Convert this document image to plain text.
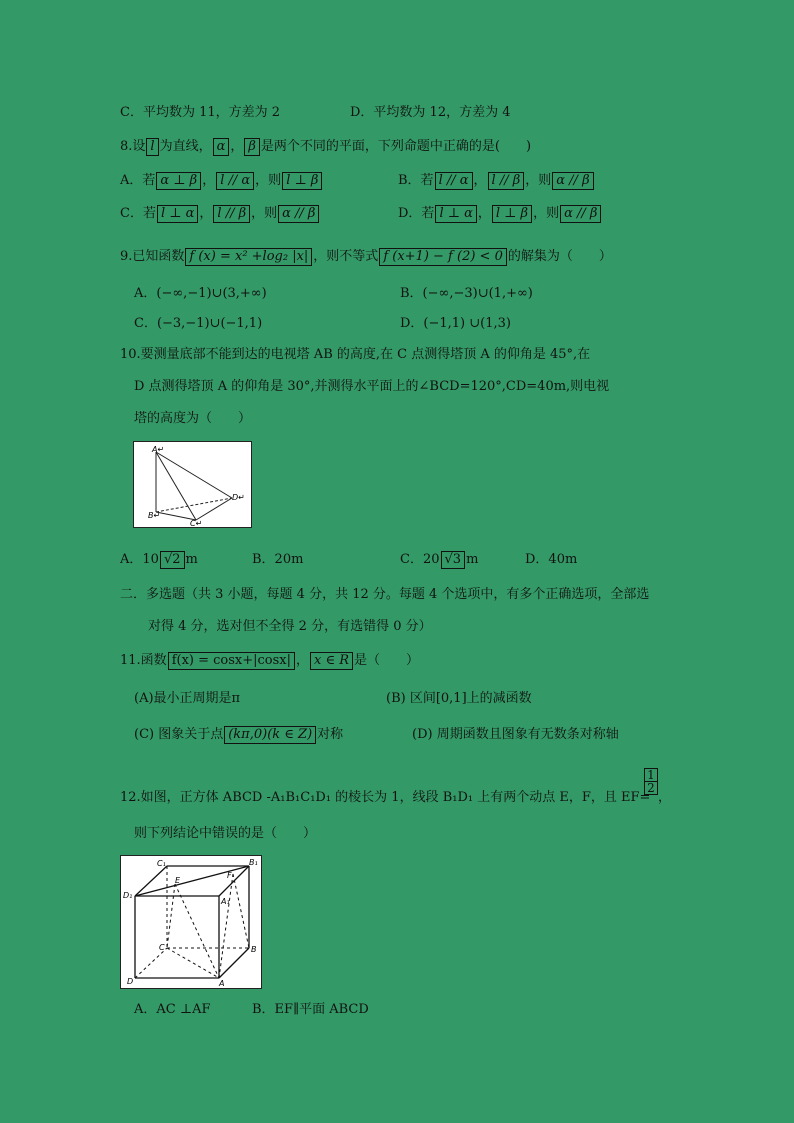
C．平均数为 11，方差为 2	D．平均数为 12，方差为 4
8.设 l 为直线， α ， β 是两个不同的平面，下列命题中正确的是(　　)
A．若 α ⊥ β ， l // α ，则 l ⊥ β	B．若 l // α ， l // β ，则 α // β
C．若 l ⊥ α ， l // β ，则 α // β	D．若 l ⊥ α ， l ⊥ β ，则 α // β
9.已知函数 f (x) = x² +log₂ |x| ，则不等式 f (x+1) − f (2) < 0 的解集为（　　）
A．(−∞,−1)∪(3,+∞)	B．(−∞,−3)∪(1,+∞)
C．(−3,−1)∪(−1,1)	D．(−1,1) ∪(1,3)
10.要测量底部不能到达的电视塔 AB 的高度,在 C 点测得塔顶 A 的仰角是 45°,在
D 点测得塔顶 A 的仰角是 30°,并测得水平面上的∠BCD=120°,CD=40m,则电视
塔的高度为（　　）
A↵
B↵
C↵
D↵
A．10 √2 m	B．20m	C．20 √3 m	D．40m
二．多选题（共 3 小题，每题 4 分，共 12 分。每题 4 个选项中，有多个正确选项，全部选
对得 4 分，选对但不全得 2 分，有选错得 0 分）
11.函数 f(x) = cosx+|cosx| ， x ∈ R 是（　　）
(A)最小正周期是π	(B) 区间[0,1]上的减函数
(C) 图象关于点 (kπ,0)(k ∈ Z) 对称	(D) 周期函数且图象有无数条对称轴
12.如图，正方体 ABCD -A₁B₁C₁D₁ 的棱长为 1，线段 B₁D₁ 上有两个动点 E，F，且 EF=
$\frac{1}{2}$
，
则下列结论中错误的是（　　）
C₁	B₁
D₁
A₁
E
F
C	B
D	A
A．AC ⊥AF	B．EF∥平面 ABCD
